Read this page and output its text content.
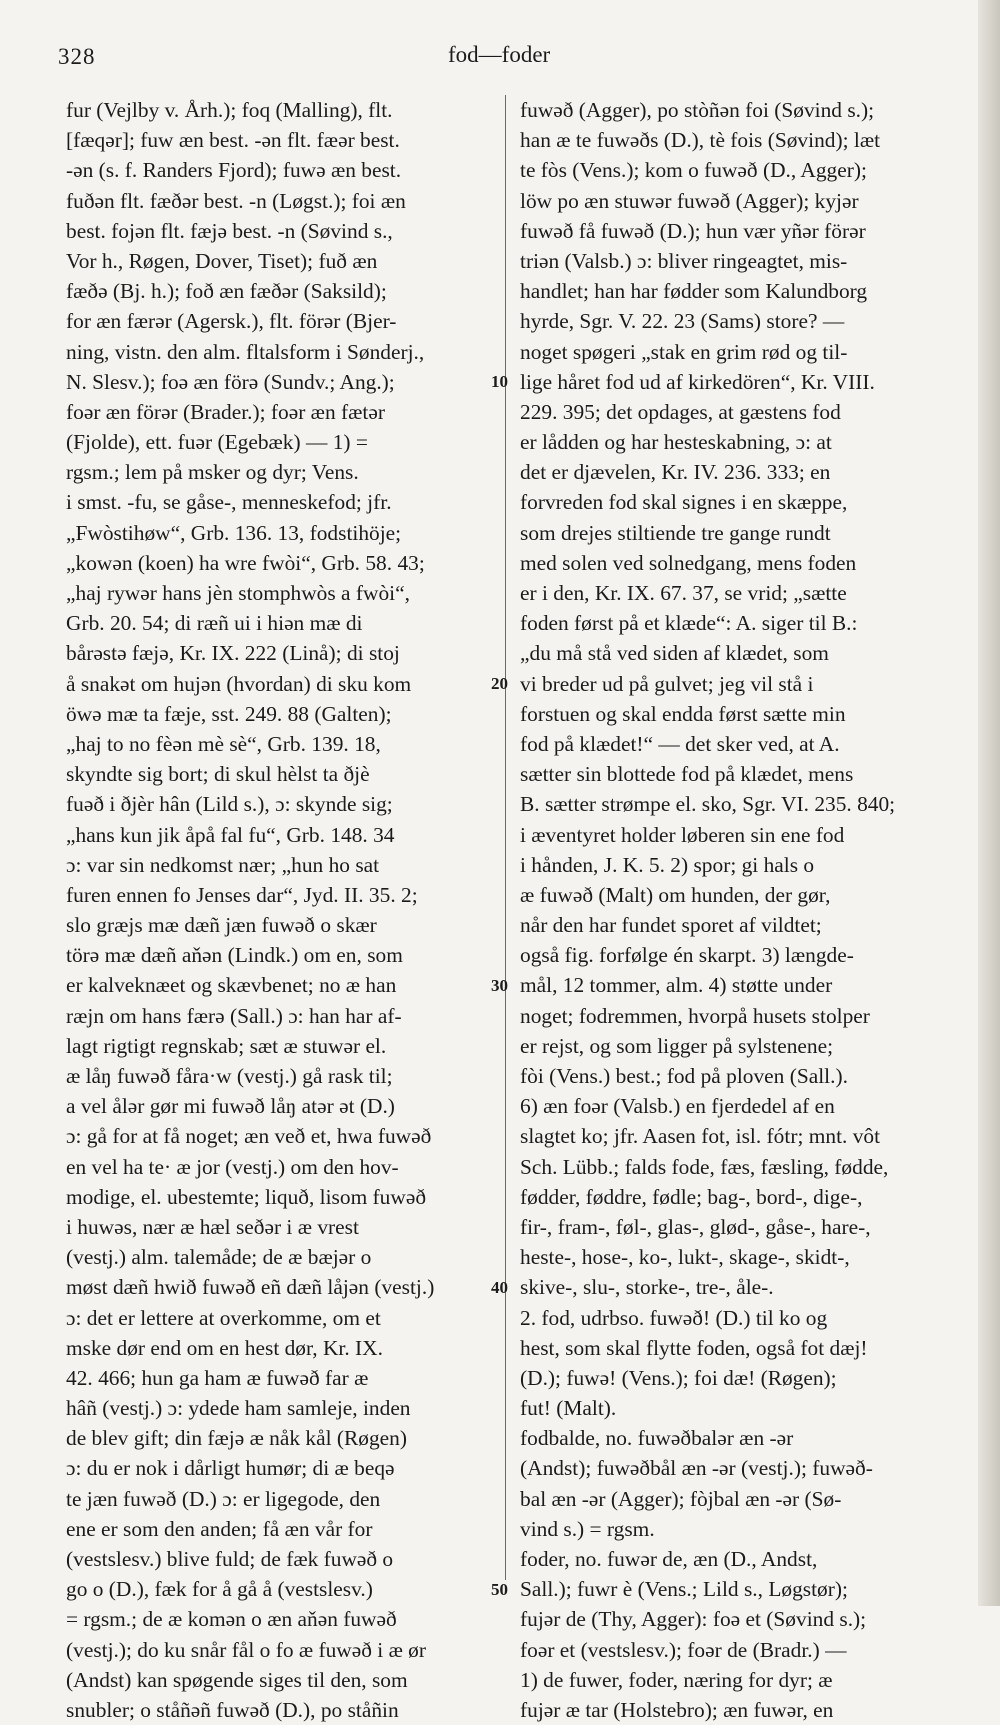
328	fod—foder
fur (Vejlby v. Årh.); foq (Malling), flt.
[fæqər]; fuw æn best. -ən flt. fæər best.
-ən (s. f. Randers Fjord); fuwə æn best.
fuðən flt. fæðər best. -n (Løgst.); foi æn
best. fojən flt. fæjə best. -n (Søvind s.,
Vor h., Røgen, Dover, Tiset); fuð æn
fæðə (Bj. h.); foð æn fæðər (Saksild);
for æn færər (Agersk.), flt. förər (Bjer-
ning, vistn. den alm. fltalsform i Sønderj.,
N. Slesv.); foə æn förə (Sundv.; Ang.);
foər æn förər (Brader.); foər æn fætər
(Fjolde), ett. fuər (Egebæk) — 1) =
rgsm.; lem på msker og dyr; Vens.
i smst. -fu, se gåse-, menneskefod; jfr.
„Fwòstihøw“, Grb. 136. 13, fodstihöje;
„kowən (koen) ha wre fwòi“, Grb. 58. 43;
„haj rywər hans jèn stomphwòs a fwòi“,
Grb. 20. 54; di ræñ ui i hiən mæ di
bårəstə fæjə, Kr. IX. 222 (Linå); di stoj
å snakət om hujən (hvordan) di sku kom
öwə mæ ta fæje, sst. 249. 88 (Galten);
„haj to no fèən mè sè“, Grb. 139. 18,
skyndte sig bort; di skul hèlst ta ðjè
fuəð i ðjèr hân (Lild s.), ɔ: skynde sig;
„hans kun jik åpå fal fu“, Grb. 148. 34
ɔ: var sin nedkomst nær; „hun ho sat
furen ennen fo Jenses dar“, Jyd. II. 35. 2;
slo græjs mæ dæñ jæn fuwəð o skær
törə mæ dæñ aňən (Lindk.) om en, som
er kalveknæet og skævbenet; no æ han
ræjn om hans færə (Sall.) ɔ: han har af-
lagt rigtigt regnskab; sæt æ stuwər el.
æ låŋ fuwəð fåra·w (vestj.) gå rask til;
a vel ålər gør mi fuwəð låŋ atər ət (D.)
ɔ: gå for at få noget; æn veð et, hwa fuwəð
en vel ha te· æ jor (vestj.) om den hov-
modige, el. ubestemte; liquð, lisom fuwəð
i huwəs, nær æ hæl seðər i æ vrest
(vestj.) alm. talemåde; de æ bæjər o
møst dæñ hwið fuwəð eñ dæñ låjən (vestj.)
ɔ: det er lettere at overkomme, om et
mske dør end om en hest dør, Kr. IX.
42. 466; hun ga ham æ fuwəð far æ
hâñ (vestj.) ɔ: ydede ham samleje, inden
de blev gift; din fæjə æ nåk kål (Røgen)
ɔ: du er nok i dårligt humør; di æ beqə
te jæn fuwəð (D.) ɔ: er ligegode, den
ene er som den anden; få æn vår for
(vestslesv.) blive fuld; de fæk fuwəð o
go o (D.), fæk for å gå å (vestslesv.)
= rgsm.; de æ komən o æn aňən fuwəð
(vestj.); do ku snår fål o fo æ fuwəð i æ ør
(Andst) kan spøgende siges til den, som
snubler; o ståñəñ fuwəð (D.), po ståñin
fuwəð (Agger), po stòñən foi (Søvind s.);
han æ te fuwəðs (D.), tè fois (Søvind); læt
te fòs (Vens.); kom o fuwəð (D., Agger);
löw po æn stuwər fuwəð (Agger); kyjər
fuwəð få fuwəð (D.); hun vær yñər förər
triən (Valsb.) ɔ: bliver ringeagtet, mis-
handlet; han har fødder som Kalundborg
hyrde, Sgr. V. 22. 23 (Sams) store? —
noget spøgeri „stak en grim rød og til-
lige håret fod ud af kirkedören“, Kr. VIII.
229. 395; det opdages, at gæstens fod
er lådden og har hesteskabning, ɔ: at
det er djævelen, Kr. IV. 236. 333; en
forvreden fod skal signes i en skæppe,
som drejes stiltiende tre gange rundt
med solen ved solnedgang, mens foden
er i den, Kr. IX. 67. 37, se vrid; „sætte
foden først på et klæde“: A. siger til B.:
„du må stå ved siden af klædet, som
vi breder ud på gulvet; jeg vil stå i
forstuen og skal endda først sætte min
fod på klædet!“ — det sker ved, at A.
sætter sin blottede fod på klædet, mens
B. sætter strømpe el. sko, Sgr. VI. 235. 840;
i æventyret holder løberen sin ene fod
i hånden, J. K. 5. 2) spor; gi hals o
æ fuwəð (Malt) om hunden, der gør,
når den har fundet sporet af vildtet;
også fig. forfølge én skarpt. 3) længde-
mål, 12 tommer, alm. 4) støtte under
noget; fodremmen, hvorpå husets stolper
er rejst, og som ligger på sylstenene;
fòi (Vens.) best.; fod på ploven (Sall.).
6) æn foər (Valsb.) en fjerdedel af en
slagtet ko; jfr. Aasen fot, isl. fótr; mnt. vôt
Sch. Lübb.; falds fode, fæs, fæsling, fødde,
fødder, føddre, fødle; bag-, bord-, dige-,
fir-, fram-, føl-, glas-, glød-, gåse-, hare-,
heste-, hose-, ko-, lukt-, skage-, skidt-,
skive-, slu-, storke-, tre-, åle-.
2. fod, udrbso. fuwəð! (D.) til ko og
hest, som skal flytte foden, også fot dæj!
(D.); fuwə! (Vens.); foi dæ! (Røgen);
fut! (Malt).
fodbalde, no. fuwəðbalər æn -ər
(Andst); fuwəðbål æn -ər (vestj.); fuwəð-
bal æn -ər (Agger); fòjbal æn -ər (Sø-
vind s.) = rgsm.
foder, no. fuwər de, æn (D., Andst,
Sall.); fuwr è (Vens.; Lild s., Løgstør);
fujər de (Thy, Agger): foə et (Søvind s.);
foər et (vestslesv.); foər de (Bradr.) —
1) de fuwer, foder, næring for dyr; æ
fujər æ tar (Holstebro); æn fuwər, en
10
20
30
40
50
